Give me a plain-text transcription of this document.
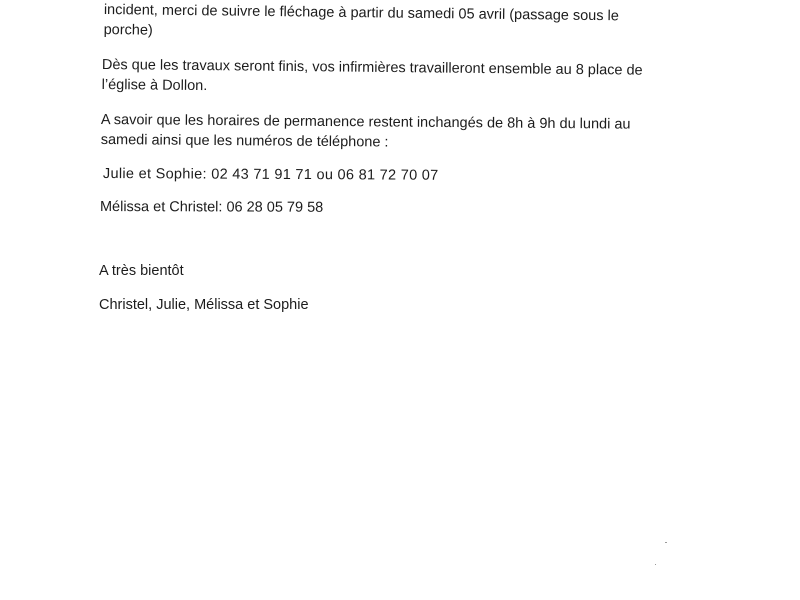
incident, merci de suivre le fléchage à partir du samedi 05 avril (passage sous le
porche)

Dès que les travaux seront finis, vos infirmières travailleront ensemble au 8 place de
l’église à Dollon.

A savoir que les horaires de permanence restent inchangés de 8h à 9h du lundi au
samedi ainsi que les numéros de téléphone :

Julie et Sophie: 02 43 71 91 71 ou 06 81 72 70 07

Mélissa et Christel: 06 28 05 79 58

A très bientôt

Christel, Julie, Mélissa et Sophie
